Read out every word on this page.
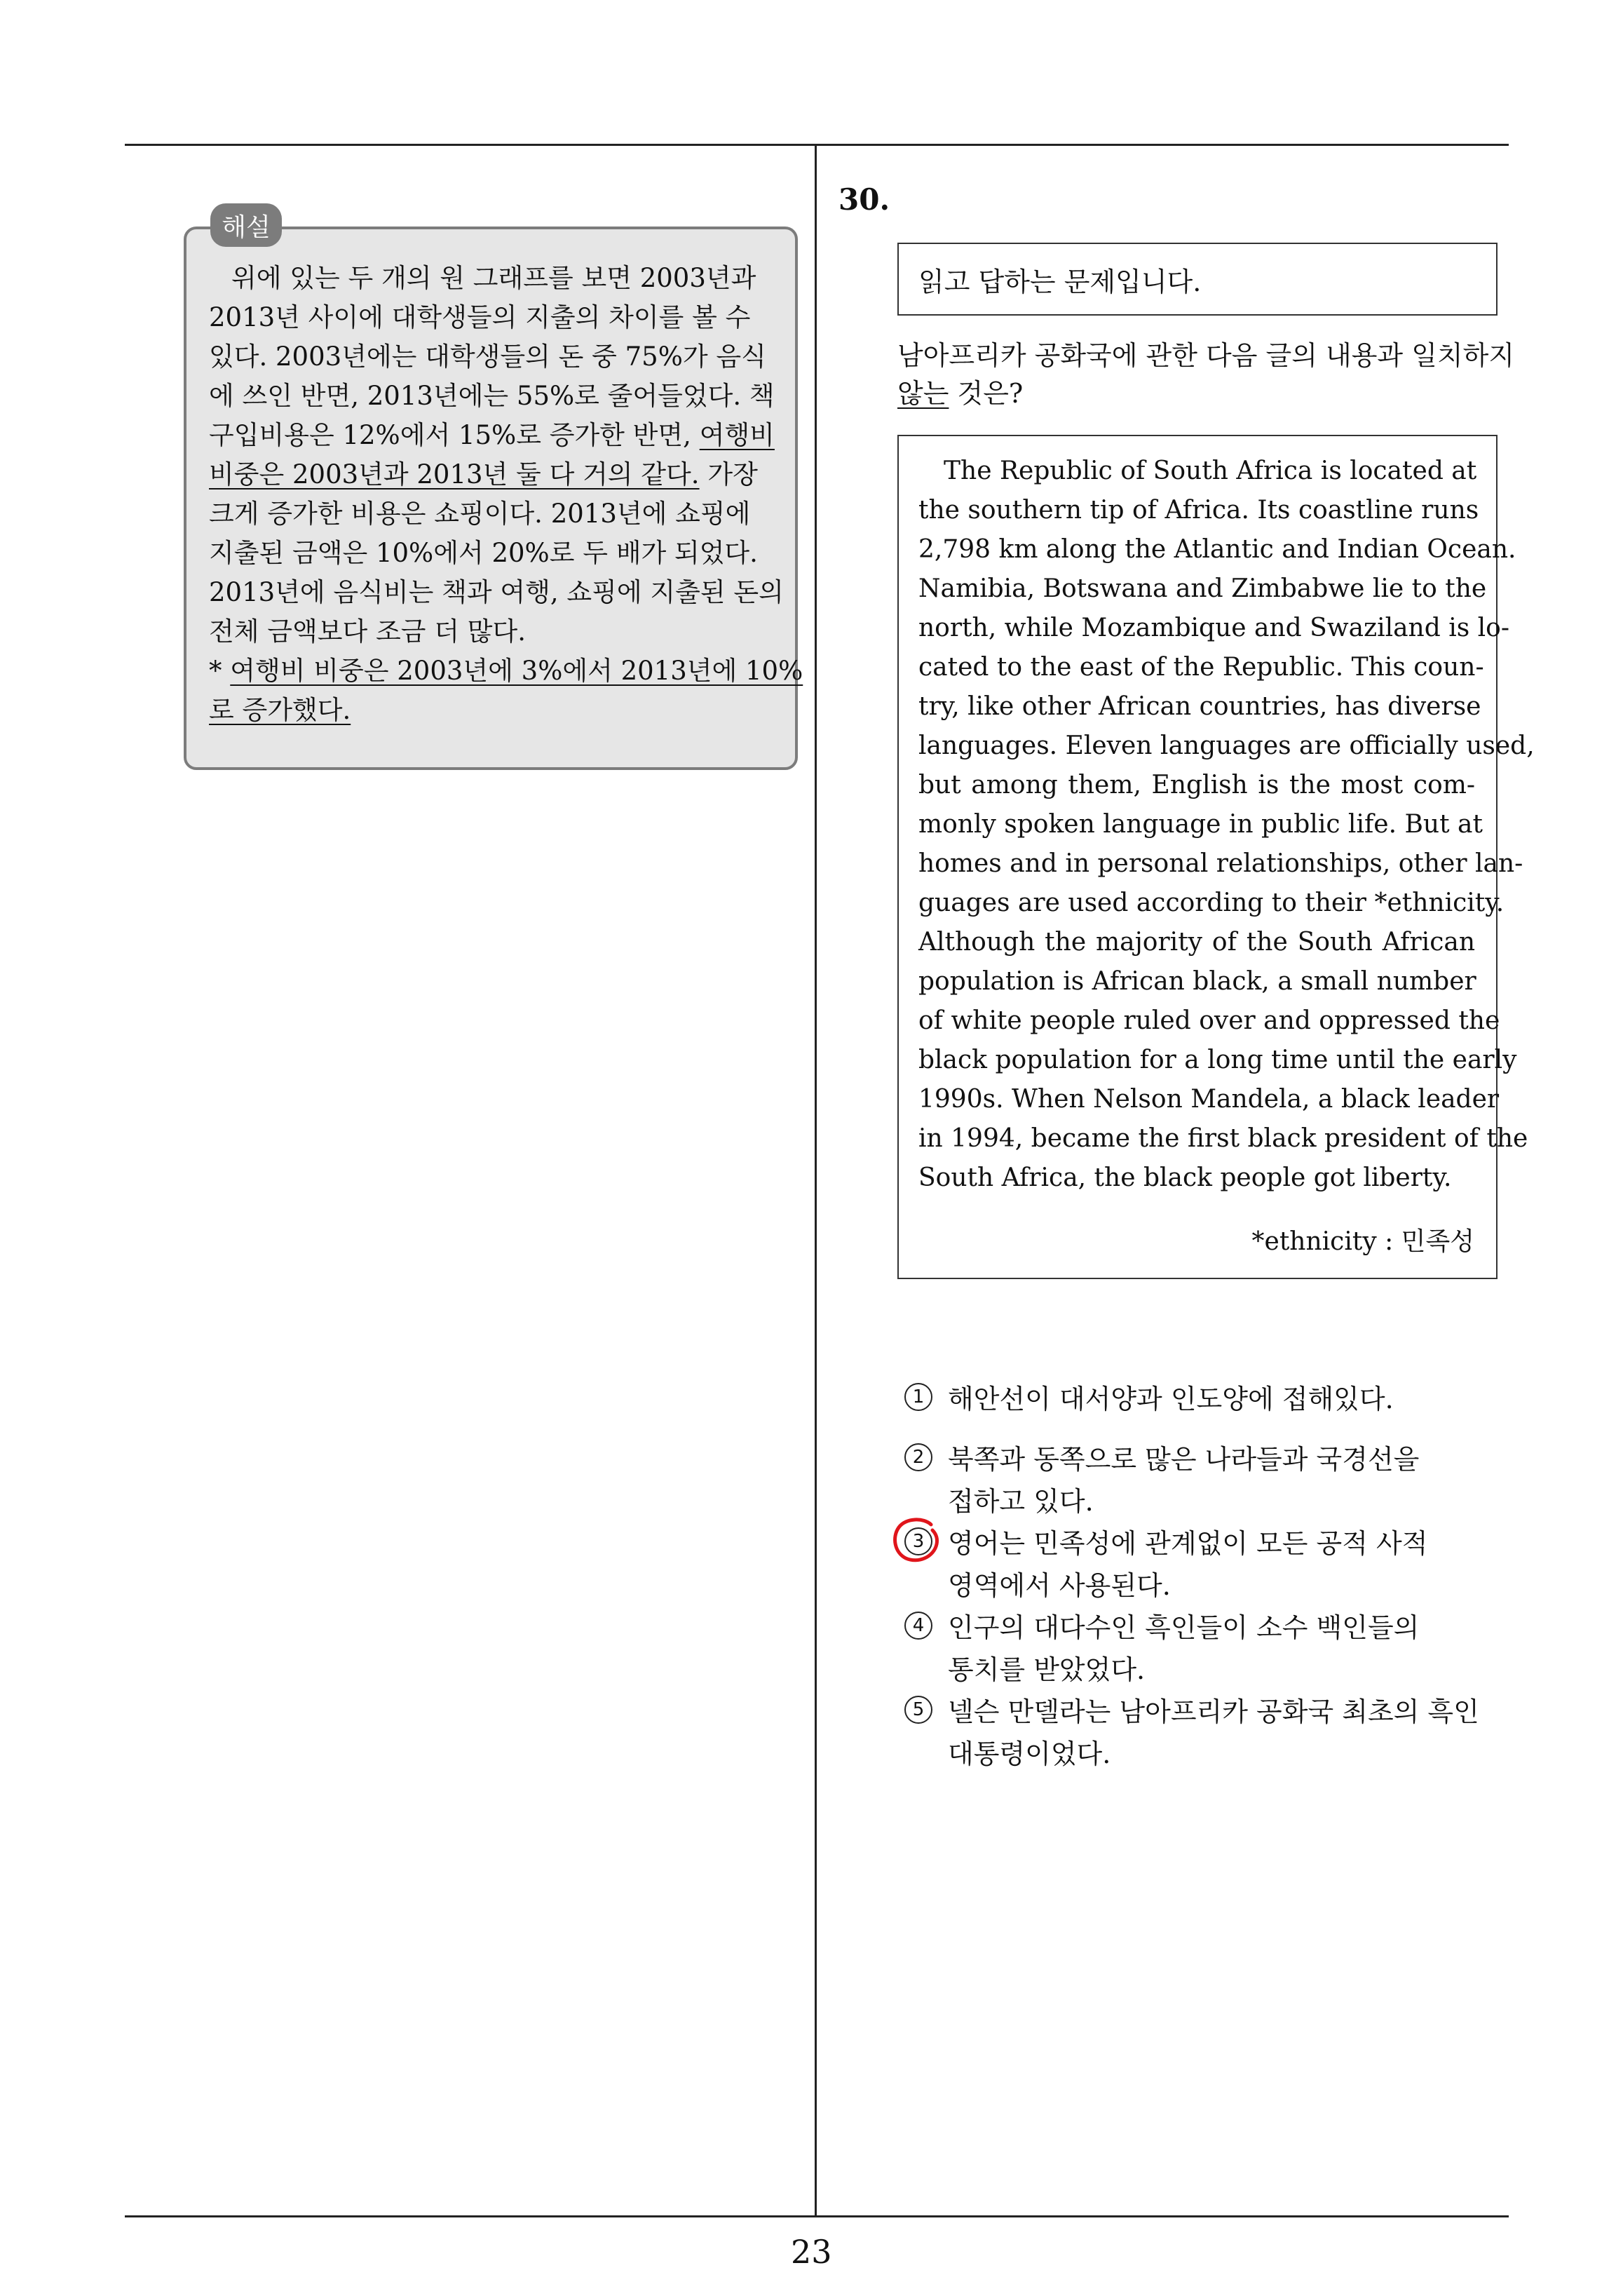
해설
위에 있는 두 개의 원 그래프를 보면 2003년과
2013년 사이에 대학생들의 지출의 차이를 볼 수
있다. 2003년에는 대학생들의 돈 중 75%가 음식
에 쓰인 반면, 2013년에는 55%로 줄어들었다. 책
구입비용은 12%에서 15%로 증가한 반면, 여행비
비중은 2003년과 2013년 둘 다 거의 같다. 가장
크게 증가한 비용은 쇼핑이다. 2013년에 쇼핑에
지출된 금액은 10%에서 20%로 두 배가 되었다.
2013년에 음식비는 책과 여행, 쇼핑에 지출된 돈의
전체 금액보다 조금 더 많다.
* 여행비 비중은 2003년에 3%에서 2013년에 10%
로 증가했다.
30.
읽고 답하는 문제입니다.
남아프리카 공화국에 관한 다음 글의 내용과 일치하지
않는 것은?
The Republic of South Africa is located at
the southern tip of Africa. Its coastline runs
2,798 km along the Atlantic and Indian Ocean.
Namibia, Botswana and Zimbabwe lie to the
north, while Mozambique and Swaziland is lo-
cated to the east of the Republic. This coun-
try, like other African countries, has diverse
languages. Eleven languages are officially used,
but among them, English is the most com-
monly spoken language in public life. But at
homes and in personal relationships, other lan-
guages are used according to their *ethnicity.
Although the majority of the South African
population is African black, a small number
of white people ruled over and oppressed the
black population for a long time until the early
1990s. When Nelson Mandela, a black leader
in 1994, became the first black president of the
South Africa, the black people got liberty.
*ethnicity : 민족성
1 해안선이 대서양과 인도양에 접해있다.
2 북쪽과 동쪽으로 많은 나라들과 국경선을
접하고 있다.
3 영어는 민족성에 관계없이 모든 공적 사적
영역에서 사용된다.
4 인구의 대다수인 흑인들이 소수 백인들의
통치를 받았었다.
5 넬슨 만델라는 남아프리카 공화국 최초의 흑인
대통령이었다.
23
